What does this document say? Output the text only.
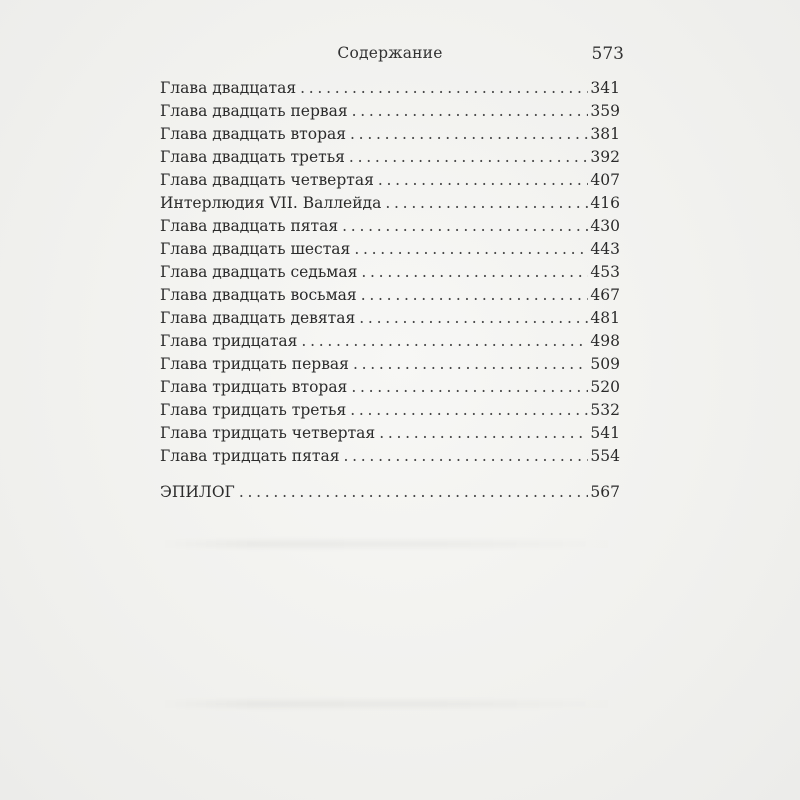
Содержание	573
Глава двадцатая . . .	341
Глава двадцать первая . . .	359
Глава двадцать вторая . . .	381
Глава двадцать третья . . .	392
Глава двадцать четвертая . . .	407
Интерлюдия VII. Валлейда . . .	416
Глава двадцать пятая . . .	430
Глава двадцать шестая . . .	443
Глава двадцать седьмая . . .	453
Глава двадцать восьмая . . .	467
Глава двадцать девятая . . .	481
Глава тридцатая . . .	498
Глава тридцать первая . . .	509
Глава тридцать вторая . . .	520
Глава тридцать третья . . .	532
Глава тридцать четвертая . . .	541
Глава тридцать пятая . . .	554
ЭПИЛОГ . . .	567
